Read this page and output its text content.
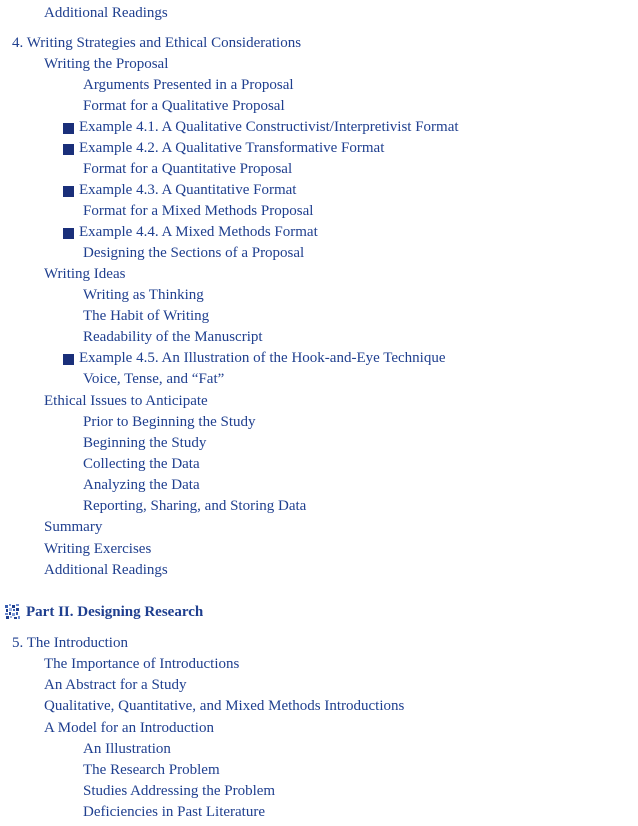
Additional Readings
4. Writing Strategies and Ethical Considerations
Writing the Proposal
Arguments Presented in a Proposal
Format for a Qualitative Proposal
Example 4.1. A Qualitative Constructivist/Interpretivist Format
Example 4.2. A Qualitative Transformative Format
Format for a Quantitative Proposal
Example 4.3. A Quantitative Format
Format for a Mixed Methods Proposal
Example 4.4. A Mixed Methods Format
Designing the Sections of a Proposal
Writing Ideas
Writing as Thinking
The Habit of Writing
Readability of the Manuscript
Example 4.5. An Illustration of the Hook-and-Eye Technique
Voice, Tense, and “Fat”
Ethical Issues to Anticipate
Prior to Beginning the Study
Beginning the Study
Collecting the Data
Analyzing the Data
Reporting, Sharing, and Storing Data
Summary
Writing Exercises
Additional Readings
Part II. Designing Research
5. The Introduction
The Importance of Introductions
An Abstract for a Study
Qualitative, Quantitative, and Mixed Methods Introductions
A Model for an Introduction
An Illustration
The Research Problem
Studies Addressing the Problem
Deficiencies in Past Literature
